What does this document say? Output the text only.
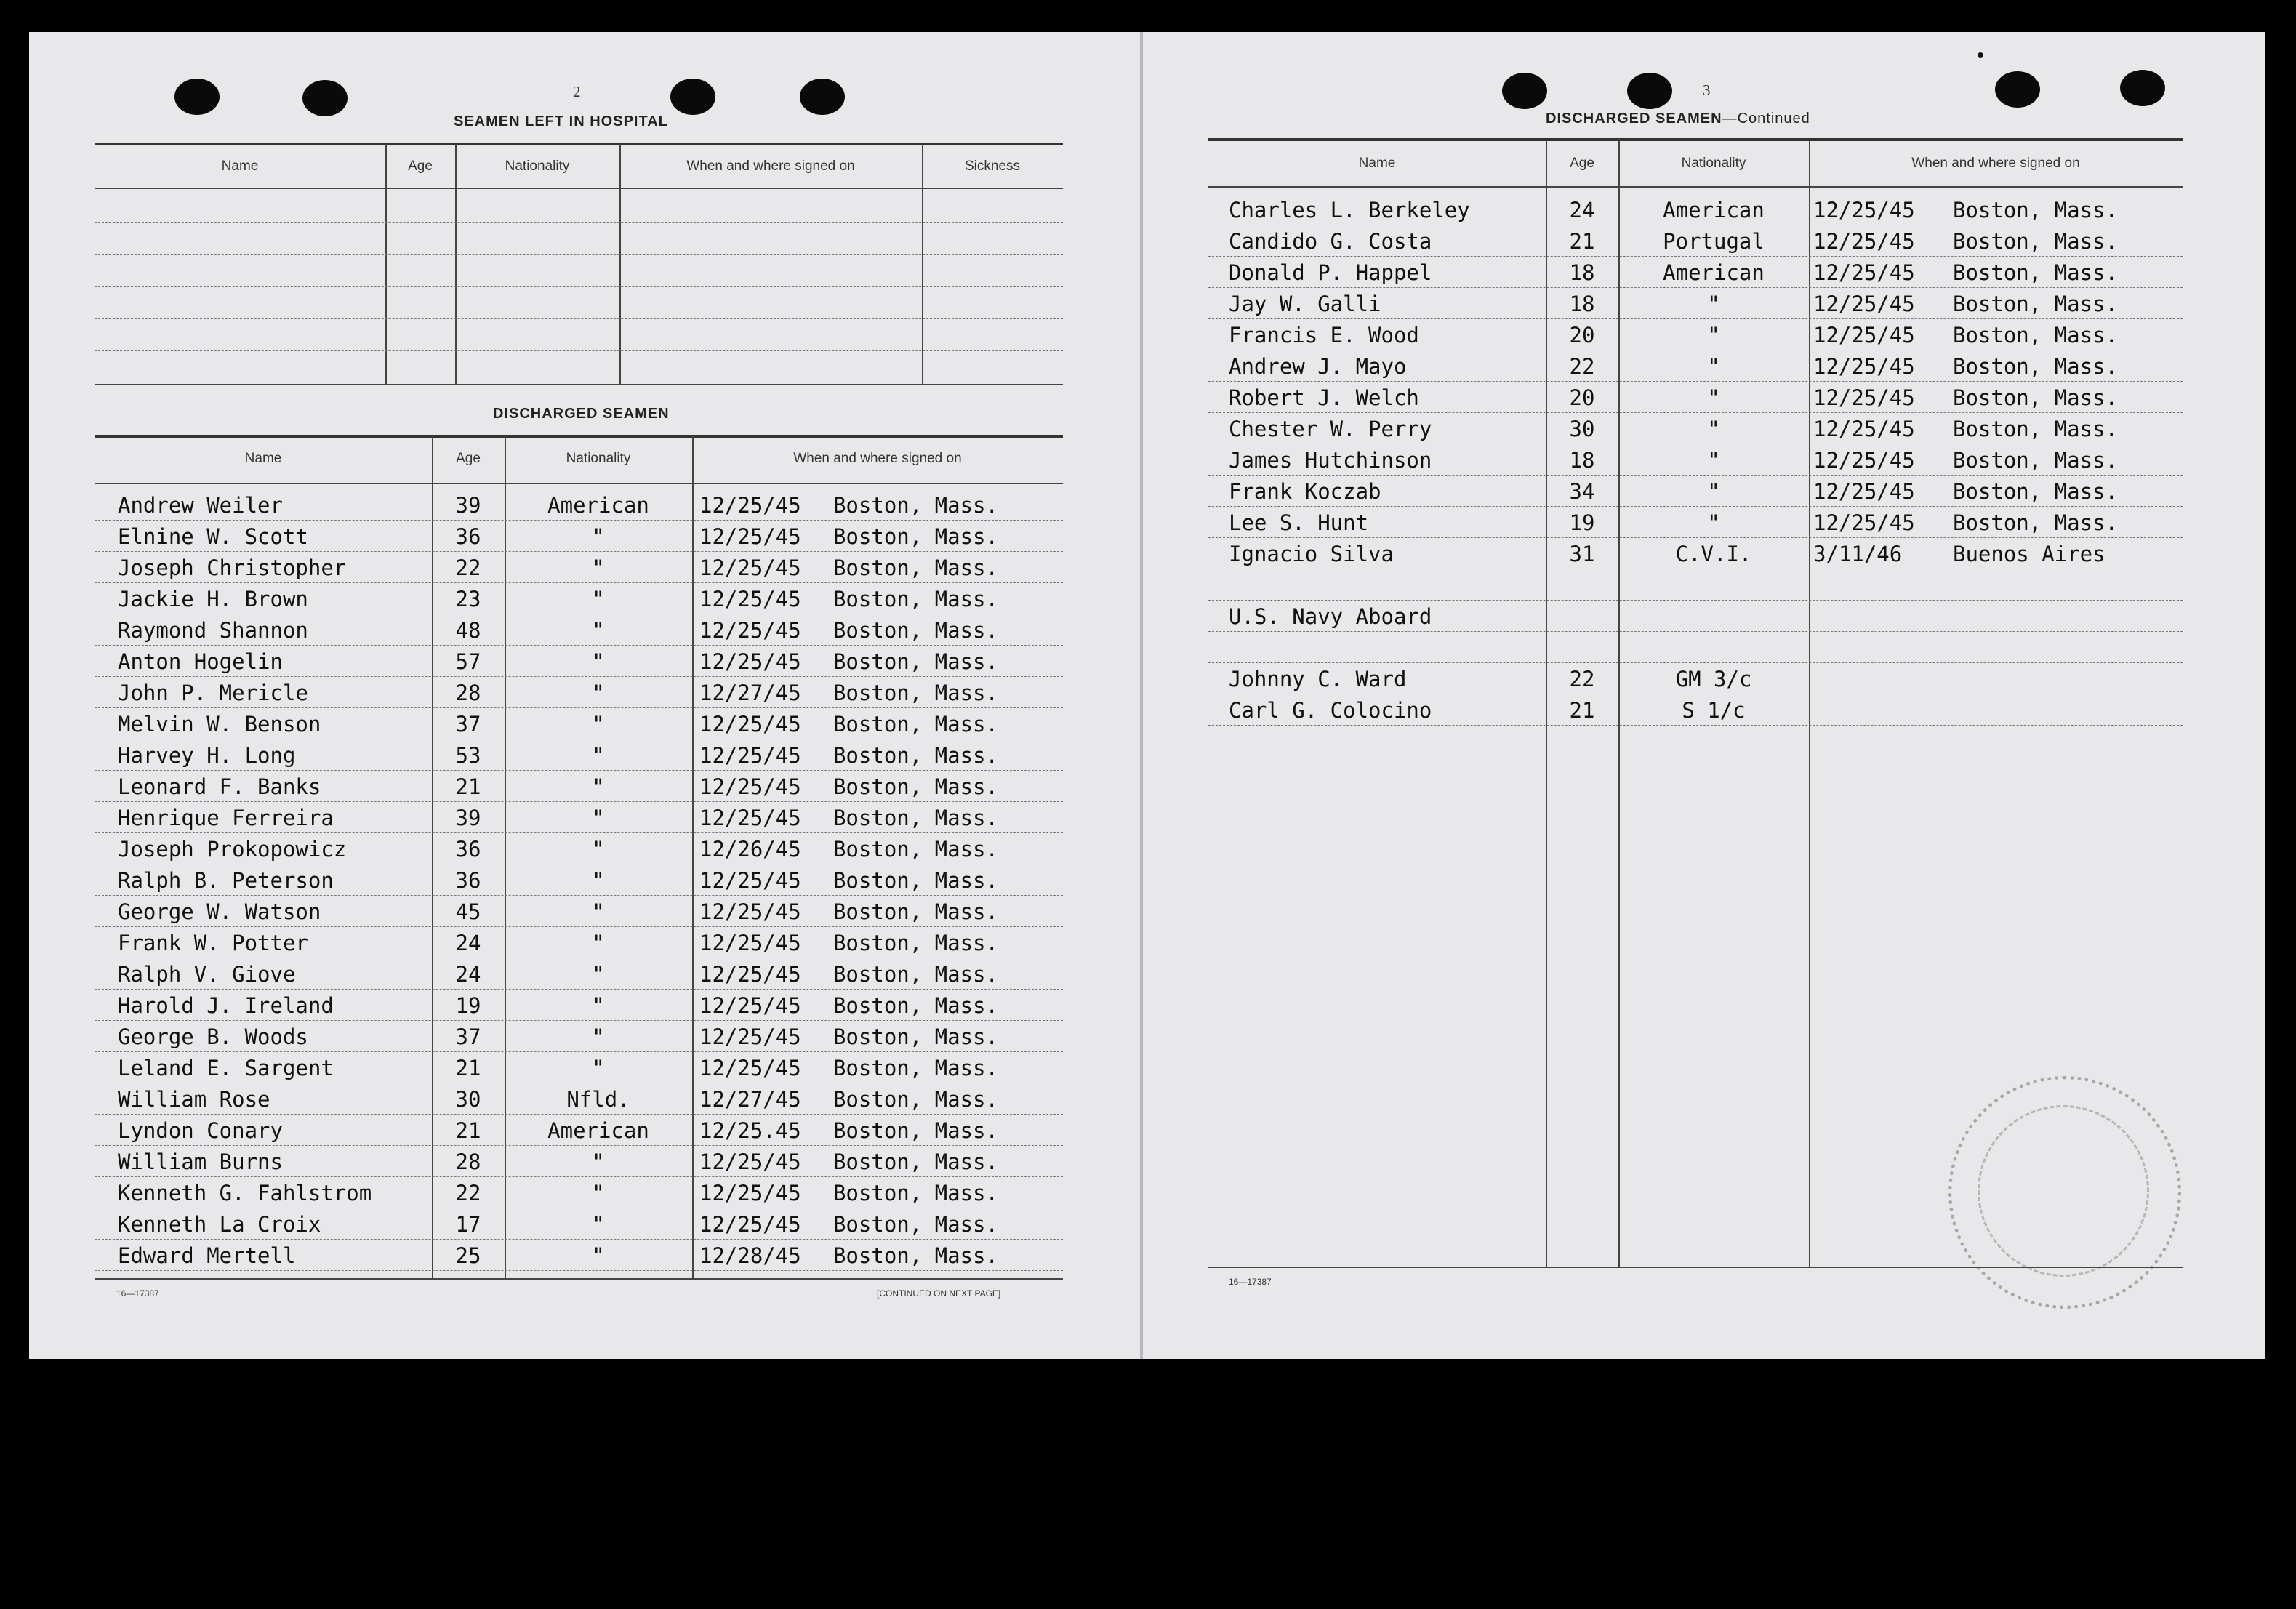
2
SEAMEN LEFT IN HOSPITAL
Name	Age	Nationality	When and where signed on	Sickness
DISCHARGED SEAMEN
Name	Age	Nationality	When and where signed on
Andrew Weiler	39	American	12/25/45 Boston, Mass.
Elnine W. Scott	36	"	12/25/45 Boston, Mass.
Joseph Christopher	22	"	12/25/45 Boston, Mass.
Jackie H. Brown	23	"	12/25/45 Boston, Mass.
Raymond Shannon	48	"	12/25/45 Boston, Mass.
Anton Hogelin	57	"	12/25/45 Boston, Mass.
John P. Mericle	28	"	12/27/45 Boston, Mass.
Melvin W. Benson	37	"	12/25/45 Boston, Mass.
Harvey H. Long	53	"	12/25/45 Boston, Mass.
Leonard F. Banks	21	"	12/25/45 Boston, Mass.
Henrique Ferreira	39	"	12/25/45 Boston, Mass.
Joseph Prokopowicz	36	"	12/26/45 Boston, Mass.
Ralph B. Peterson	36	"	12/25/45 Boston, Mass.
George W. Watson	45	"	12/25/45 Boston, Mass.
Frank W. Potter	24	"	12/25/45 Boston, Mass.
Ralph V. Giove	24	"	12/25/45 Boston, Mass.
Harold J. Ireland	19	"	12/25/45 Boston, Mass.
George B. Woods	37	"	12/25/45 Boston, Mass.
Leland E. Sargent	21	"	12/25/45 Boston, Mass.
William Rose	30	Nfld.	12/27/45 Boston, Mass.
Lyndon Conary	21	American	12/25.45 Boston, Mass.
William Burns	28	"	12/25/45 Boston, Mass.
Kenneth G. Fahlstrom	22	"	12/25/45 Boston, Mass.
Kenneth La Croix	17	"	12/25/45 Boston, Mass.
Edward Mertell	25	"	12/28/45 Boston, Mass.
16—17387	[CONTINUED ON NEXT PAGE]
3
DISCHARGED SEAMEN—Continued
Name	Age	Nationality	When and where signed on
Charles L. Berkeley	24	American	12/25/45 Boston, Mass.
Candido G. Costa	21	Portugal	12/25/45 Boston, Mass.
Donald P. Happel	18	American	12/25/45 Boston, Mass.
Jay W. Galli	18	"	12/25/45 Boston, Mass.
Francis E. Wood	20	"	12/25/45 Boston, Mass.
Andrew J. Mayo	22	"	12/25/45 Boston, Mass.
Robert J. Welch	20	"	12/25/45 Boston, Mass.
Chester W. Perry	30	"	12/25/45 Boston, Mass.
James Hutchinson	18	"	12/25/45 Boston, Mass.
Frank Koczab	34	"	12/25/45 Boston, Mass.
Lee S. Hunt	19	"	12/25/45 Boston, Mass.
Ignacio Silva	31	C.V.I.	3/11/46 Buenos Aires
U.S. Navy Aboard
Johnny C. Ward	22	GM 3/c
Carl G. Colocino	21	S 1/c
16—17387
